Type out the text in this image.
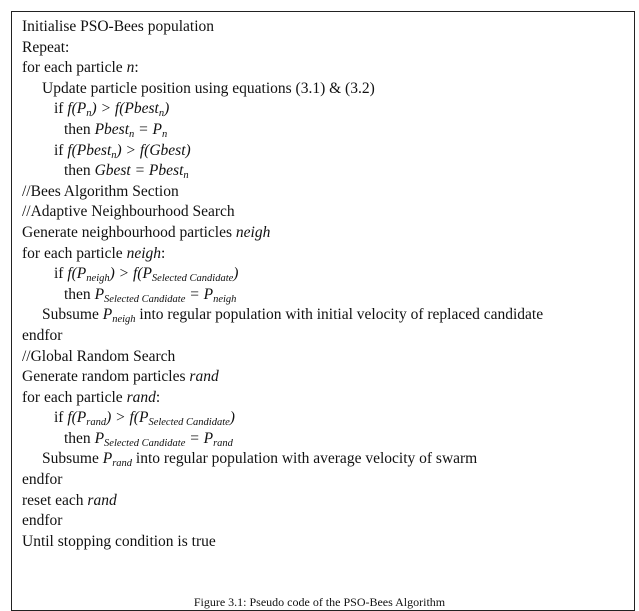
Initialise PSO-Bees population
Repeat:
for each particle n:
Update particle position using equations (3.1) & (3.2)
if $f(P_n)$ > f(Pbest$_n$)
then Pbest$_n$ = $P_n$
if f(Pbest$_n$) > f(Gbest)
then Gbest = Pbest$_n$
//Bees Algorithm Section
//Adaptive Neighbourhood Search
Generate neighbourhood particles neigh
for each particle neigh:
if $f(P_{neigh}) > f(P_{Selected Candidate})$
then $P_{Selected Candidate} = P_{neigh}$
Subsume $P_{neigh}$ into regular population with initial velocity of replaced candidate
endfor
//Global Random Search
Generate random particles rand
for each particle rand:
if $f(P_{rand}) > f(P_{Selected Candidate})$
then $P_{Selected Candidate} = P_{rand}$
Subsume $P_{rand}$ into regular population with average velocity of swarm
endfor
reset each rand
endfor
Until stopping condition is true
Figure 3.1: Pseudo code of the PSO-Bees Algorithm
